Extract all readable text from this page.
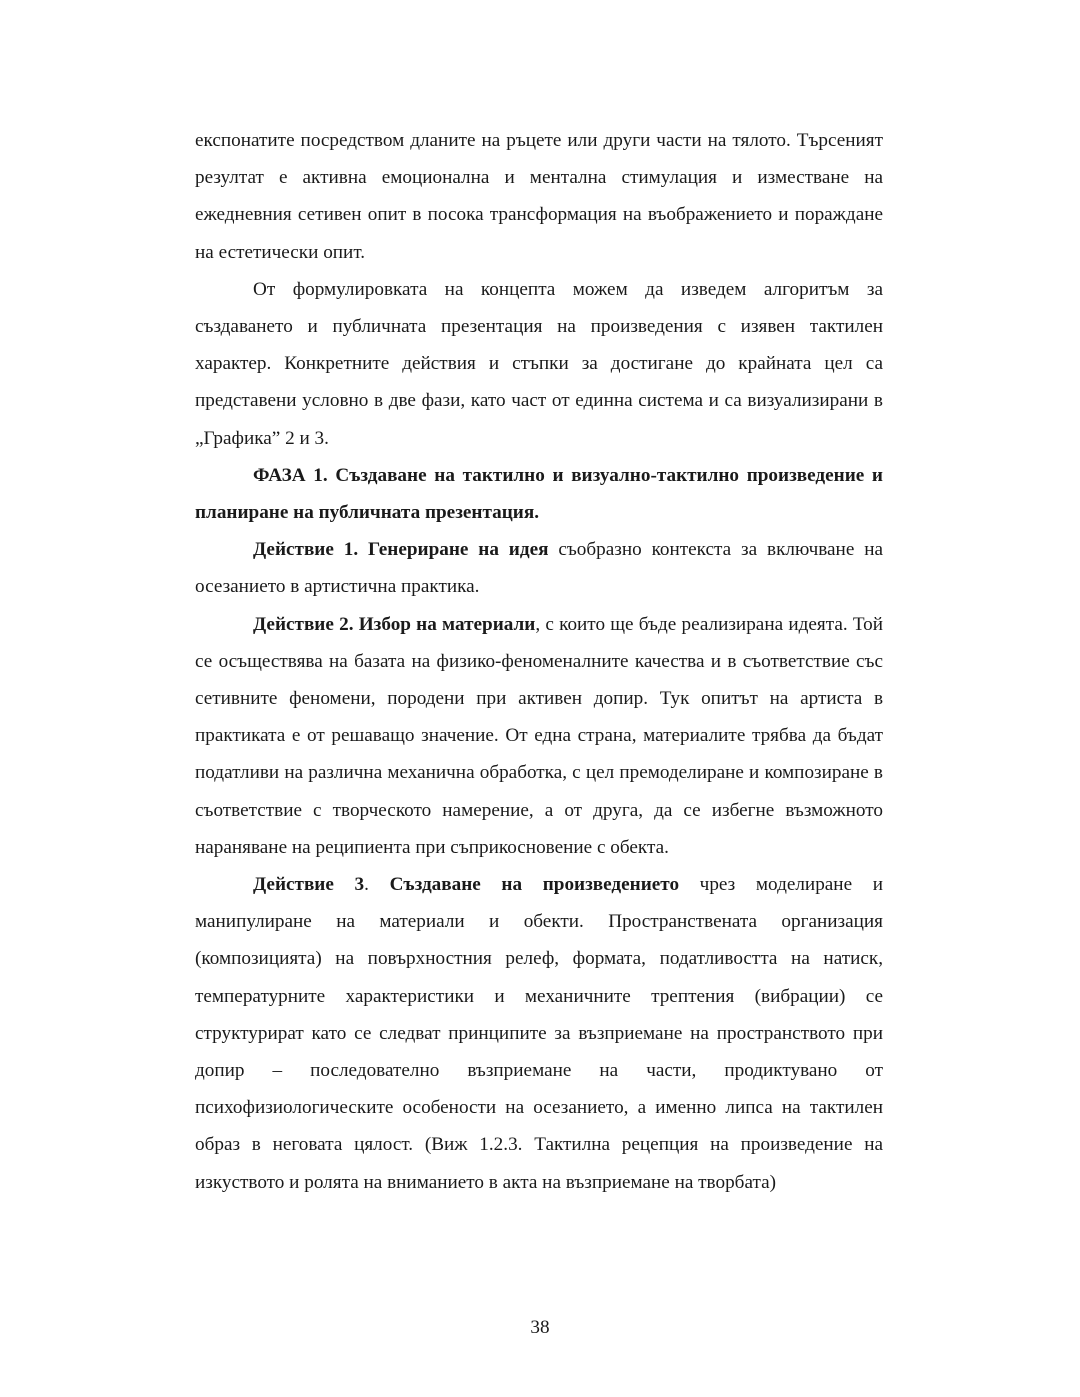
експонатите посредством дланите на ръцете или други части на тялото. Търсеният резултат е активна емоционална и ментална стимулация и изместване на ежедневния сетивен опит в посока трансформация на въображението и пораждане на естетически опит.

От формулировката на концепта можем да изведем алгоритъм за създаването и публичната презентация на произведения с изявен тактилен характер. Конкретните действия и стъпки за достигане до крайната цел са представени условно в две фази, като част от единна система и са визуализирани в „Графика” 2 и 3.

ФАЗА 1. Създаване на тактилно и визуално-тактилно произведение и планиране на публичната презентация.

Действие 1. Генериране на идея съобразно контекста за включване на осезанието в артистична практика.

Действие 2. Избор на материали, с които ще бъде реализирана идеята. Той се осъществява на базата на физико-феноменалните качества и в съответствие със сетивните феномени, породени при активен допир. Тук опитът на артиста в практиката е от решаващо значение. От една страна, материалите трябва да бъдат податливи на различна механична обработка, с цел премоделиране и композиране в съответствие с творческото намерение, а от друга, да се избегне възможното нараняване на реципиента при съприкосновение с обекта.

Действие 3. Създаване на произведението чрез моделиране и манипулиране на материали и обекти. Пространствената организация (композицията) на повърхностния релеф, формата, податливостта на натиск, температурните характеристики и механичните трептения (вибрации) се структурират като се следват принципите за възприемане на пространството при допир – последователно възприемане на части, продиктувано от психофизиологическите особености на осезанието, а именно липса на тактилен образ в неговата цялост. (Виж 1.2.3. Тактилна рецепция на произведение на изкуството и ролята на вниманието в акта на възприемане на творбата)

38
